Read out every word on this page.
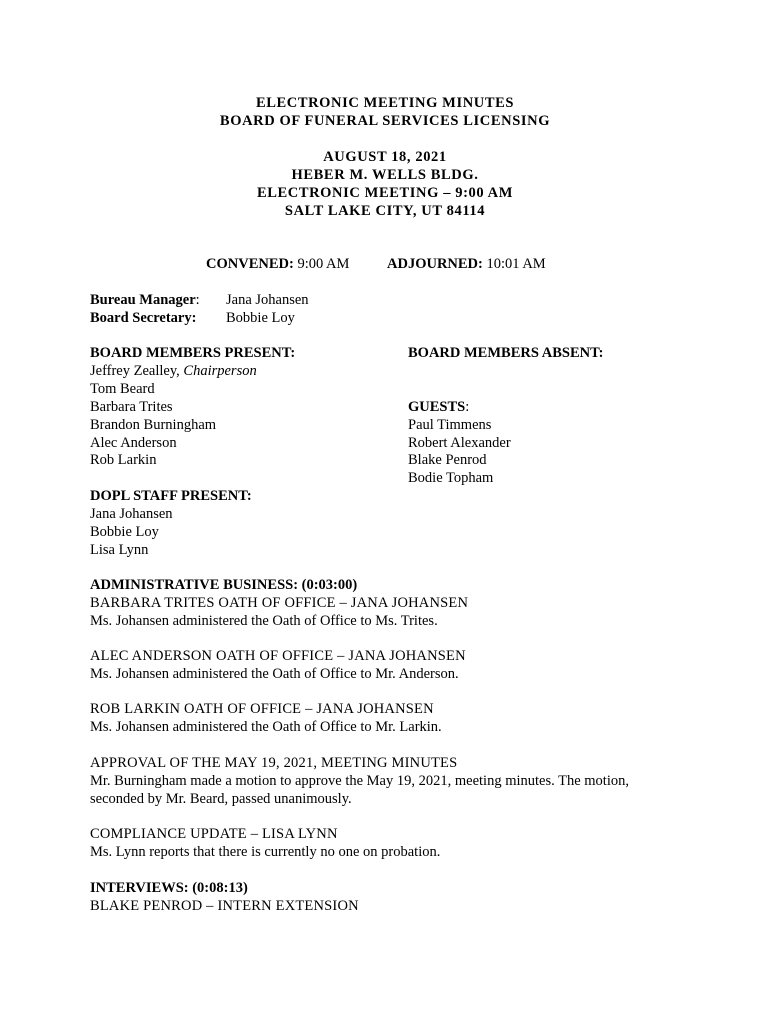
ELECTRONIC MEETING MINUTES
BOARD OF FUNERAL SERVICES LICENSING
AUGUST 18, 2021
HEBER M. WELLS BLDG.
ELECTRONIC MEETING – 9:00 AM
SALT LAKE CITY, UT 84114
CONVENED: 9:00 AM	ADJOURNED: 10:01 AM
Bureau Manager: Jana Johansen
Board Secretary: Bobbie Loy
BOARD MEMBERS PRESENT:
Jeffrey Zealley, Chairperson
Tom Beard
Barbara Trites
Brandon Burningham
Alec Anderson
Rob Larkin
BOARD MEMBERS ABSENT:
GUESTS:
Paul Timmens
Robert Alexander
Blake Penrod
Bodie Topham
DOPL STAFF PRESENT:
Jana Johansen
Bobbie Loy
Lisa Lynn
ADMINISTRATIVE BUSINESS: (0:03:00)
BARBARA TRITES OATH OF OFFICE – JANA JOHANSEN
Ms. Johansen administered the Oath of Office to Ms. Trites.
ALEC ANDERSON OATH OF OFFICE – JANA JOHANSEN
Ms. Johansen administered the Oath of Office to Mr. Anderson.
ROB LARKIN OATH OF OFFICE – JANA JOHANSEN
Ms. Johansen administered the Oath of Office to Mr. Larkin.
APPROVAL OF THE MAY 19, 2021, MEETING MINUTES
Mr. Burningham made a motion to approve the May 19, 2021, meeting minutes. The motion,
seconded by Mr. Beard, passed unanimously.
COMPLIANCE UPDATE – LISA LYNN
Ms. Lynn reports that there is currently no one on probation.
INTERVIEWS: (0:08:13)
BLAKE PENROD – INTERN EXTENSION
